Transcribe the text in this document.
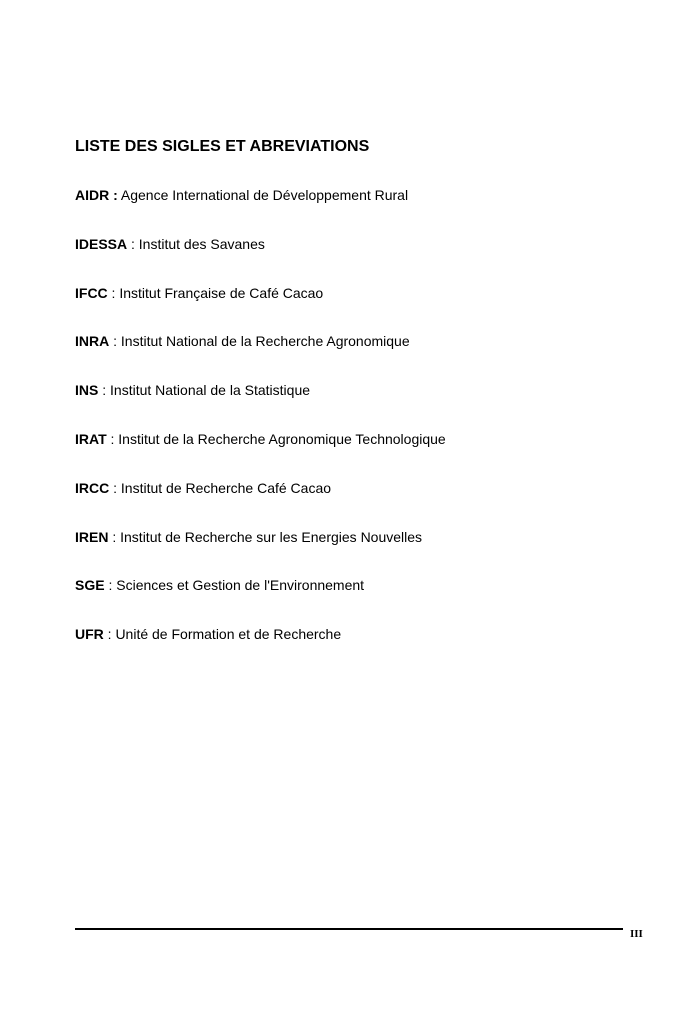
LISTE DES SIGLES ET ABREVIATIONS
AIDR : Agence International de Développement Rural
IDESSA : Institut des Savanes
IFCC : Institut Française de Café Cacao
INRA : Institut National de la Recherche Agronomique
INS : Institut National de la Statistique
IRAT : Institut de la Recherche Agronomique Technologique
IRCC : Institut de Recherche Café Cacao
IREN : Institut de Recherche sur les Energies Nouvelles
SGE : Sciences et Gestion de l'Environnement
UFR : Unité de Formation et de Recherche
III
